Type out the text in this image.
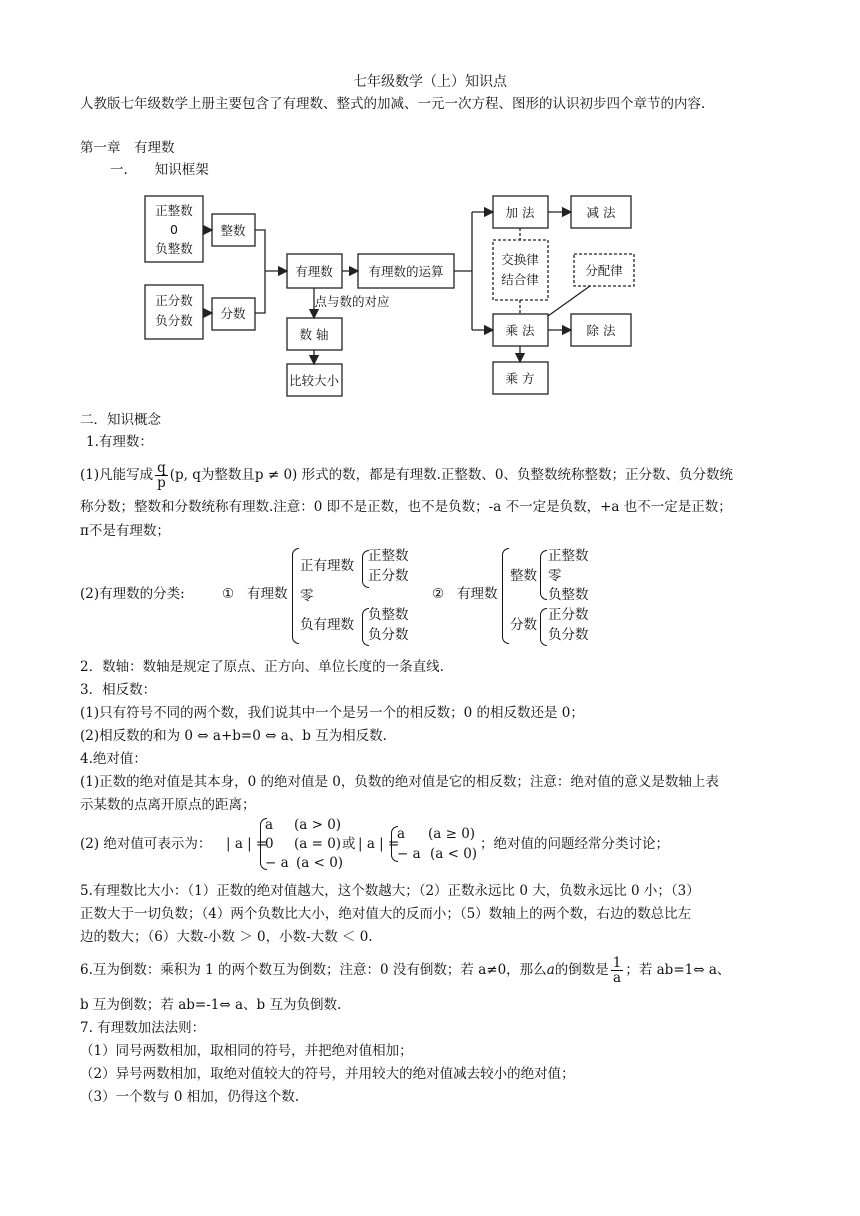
七年级数学（上）知识点
人教版七年级数学上册主要包含了有理数、整式的加减、一元一次方程、图形的认识初步四个章节的内容.
第一章　有理数
一.　　知识框架
正整数
0
负整数
整数
正分数
负分数 分数
有理数	有理数的运算
点与数的对应
数 轴
比较大小
加 法	减 法
交换律
结合律
分配律
乘 法	除 法
乘 方
二．知识概念
1.有理数：
(1)凡能写成 $\frac{q}{p} (p$, q为整数且p ≠ 0) 形式的数，都是有理数.正整数、0、负整数统称整数；正分数、负分数统
称分数；整数和分数统称有理数.注意：0 即不是正数，也不是负数；-a 不一定是负数，+a 也不一定是正数；
π不是有理数；
(2)有理数的分类:	① 有理数
正有理数
正整数
正分数
零
负有理数
负整数
负分数
② 有理数
整数
正整数
零
负整数
分数
正分数
负分数
2．数轴：数轴是规定了原点、正方向、单位长度的一条直线.
3．相反数：
(1)只有符号不同的两个数，我们说其中一个是另一个的相反数；0 的相反数还是 0；
(2)相反数的和为 0 ⇔ a+b=0 ⇔ a、b 互为相反数.
4.绝对值：
(1)正数的绝对值是其本身，0 的绝对值是 0，负数的绝对值是它的相反数；注意：绝对值的意义是数轴上表
示某数的点离开原点的距离；
(2) 绝对值可表示为： | a | =
a (a > 0)
0 (a = 0)
− a (a < 0)
或 | a | =
a (a ≥ 0)
− a (a < 0)
；绝对值的问题经常分类讨论；
5.有理数比大小：（1）正数的绝对值越大，这个数越大；（2）正数永远比 0 大，负数永远比 0 小；（3）
正数大于一切负数；（4）两个负数比大小，绝对值大的反而小；（5）数轴上的两个数，右边的数总比左
边的数大；（6）大数-小数 ＞ 0，小数-大数 ＜ 0.
6.互为倒数：乘积为 1 的两个数互为倒数；注意：0 没有倒数；若 a≠0，那么a的倒数是 $\frac{1}{a}$ ；若 ab=1⇔ a、
b 互为倒数；若 ab=-1⇔ a、b 互为负倒数.
7. 有理数加法法则：
（1）同号两数相加，取相同的符号，并把绝对值相加；
（2）异号两数相加，取绝对值较大的符号，并用较大的绝对值减去较小的绝对值；
（3）一个数与 0 相加，仍得这个数.
